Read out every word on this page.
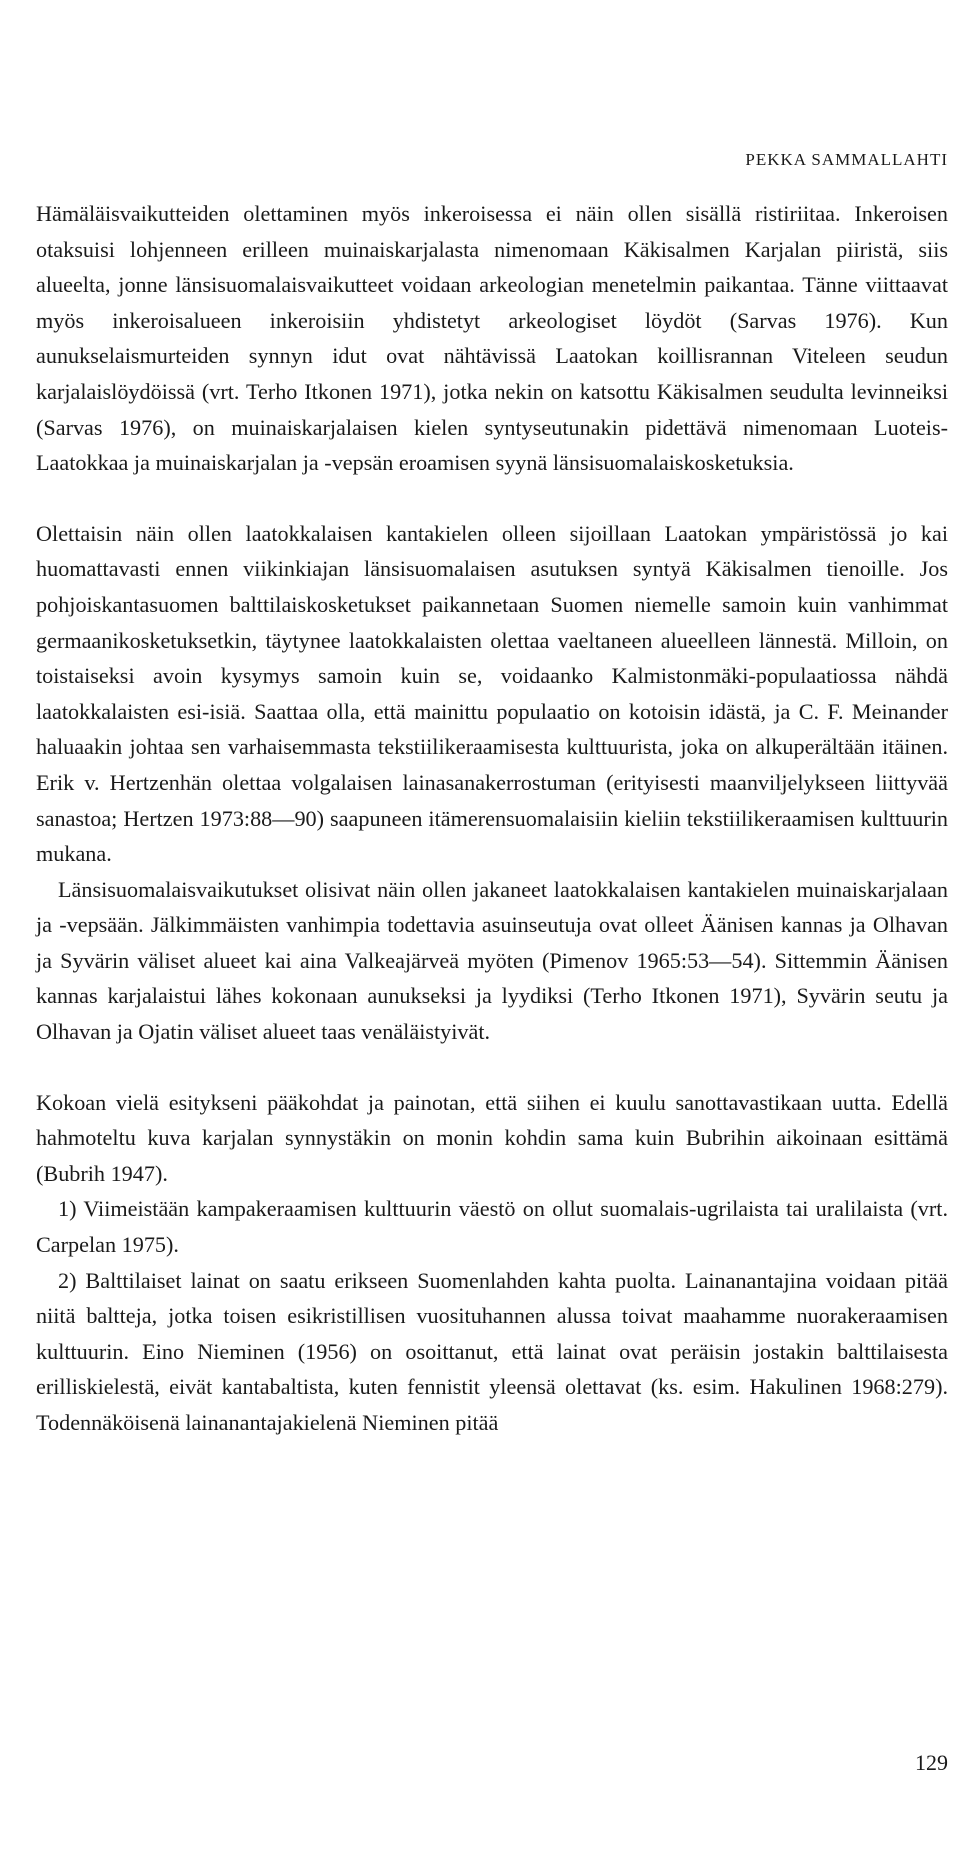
PEKKA SAMMALLAHTI

Hämäläisvaikutteiden olettaminen myös inkeroisessa ei näin ollen sisällä ristiriitaa. Inkeroisen otaksuisi lohjenneen erilleen muinaiskarjalasta nimenomaan Käkisalmen Karjalan piiristä, siis alueelta, jonne länsisuomalaisvaikutteet voidaan arkeologian menetelmin paikantaa. Tänne viittaavat myös inkeroisalueen inkeroisiin yhdistetyt arkeologiset löydöt (Sarvas 1976). Kun aunukselaismurteiden synnyn idut ovat nähtävissä Laatokan koillisrannan Viteleen seudun karjalaislöydöissä (vrt. Terho Itkonen 1971), jotka nekin on katsottu Käkisalmen seudulta levinneiksi (Sarvas 1976), on muinaiskarjalaisen kielen syntyseutunakin pidettävä nimenomaan Luoteis-Laatokkaa ja muinaiskarjalan ja -vepsän eroamisen syynä länsisuomalaiskosketuksia.

Olettaisin näin ollen laatokkalaisen kantakielen olleen sijoillaan Laatokan ympäristössä jo kai huomattavasti ennen viikinkiajan länsisuomalaisen asutuksen syntyä Käkisalmen tienoille. Jos pohjoiskantasuomen balttilaiskosketukset paikannetaan Suomen niemelle samoin kuin vanhimmat germaanikosketuksetkin, täytynee laatokkalaisten olettaa vaeltaneen alueelleen lännestä. Milloin, on toistaiseksi avoin kysymys samoin kuin se, voidaanko Kalmistonmäki-populaatiossa nähdä laatokkalaisten esi-isiä. Saattaa olla, että mainittu populaatio on kotoisin idästä, ja C. F. Meinander haluaakin johtaa sen varhaisemmasta tekstiilikeraamisesta kulttuurista, joka on alkuperältään itäinen. Erik v. Hertzenhän olettaa volgalaisen lainasanakerrostuman (erityisesti maanviljelykseen liittyvää sanastoa; Hertzen 1973:88—90) saapuneen itämerensuomalaisiin kieliin tekstiilikeraamisen kulttuurin mukana.

Länsisuomalaisvaikutukset olisivat näin ollen jakaneet laatokkalaisen kantakielen muinaiskarjalaan ja -vepsään. Jälkimmäisten vanhimpia todettavia asuinseutuja ovat olleet Äänisen kannas ja Olhavan ja Syvärin väliset alueet kai aina Valkeajärveä myöten (Pimenov 1965:53—54). Sittemmin Äänisen kannas karjalaistui lähes kokonaan aunukseksi ja lyydiksi (Terho Itkonen 1971), Syvärin seutu ja Olhavan ja Ojatin väliset alueet taas venäläistyivät.

Kokoan vielä esitykseni pääkohdat ja painotan, että siihen ei kuulu sanottavastikaan uutta. Edellä hahmoteltu kuva karjalan synnystäkin on monin kohdin sama kuin Bubrihin aikoinaan esittämä (Bubrih 1947).

1) Viimeistään kampakeraamisen kulttuurin väestö on ollut suomalais-ugrilaista tai uralilaista (vrt. Carpelan 1975).

2) Balttilaiset lainat on saatu erikseen Suomenlahden kahta puolta. Lainanantajina voidaan pitää niitä baltteja, jotka toisen esikristillisen vuosituhannen alussa toivat maahamme nuorakeraamisen kulttuurin. Eino Nieminen (1956) on osoittanut, että lainat ovat peräisin jostakin balttilaisesta erilliskielestä, eivät kantabaltista, kuten fennistit yleensä olettavat (ks. esim. Hakulinen 1968:279). Todennäköisenä lainanantajakielenä Nieminen pitää

129
